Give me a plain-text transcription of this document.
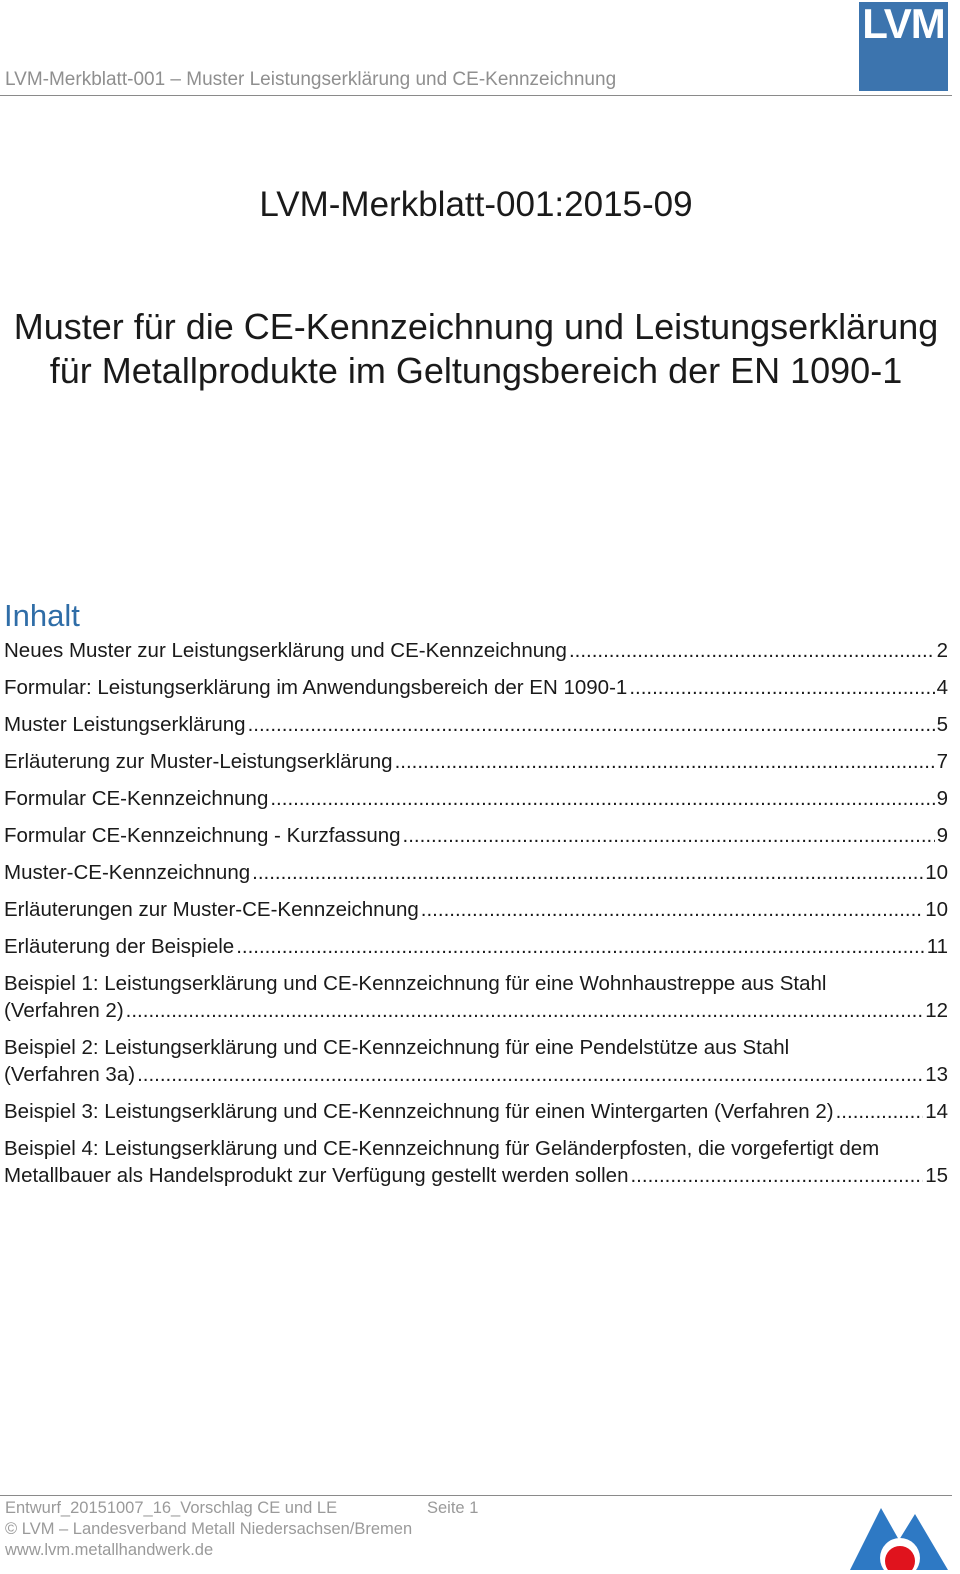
LVM-Merkblatt-001 – Muster Leistungserklärung und CE-Kennzeichnung
LVM
LVM-Merkblatt-001:2015-09
Muster für die CE-Kennzeichnung und Leistungserklärung
für Metallprodukte im Geltungsbereich der EN 1090-1
Inhalt
Neues Muster zur Leistungserklärung und CE-Kennzeichnung .....	2
Formular: Leistungserklärung im Anwendungsbereich der EN 1090-1 .....	4
Muster Leistungserklärung .....	5
Erläuterung zur Muster-Leistungserklärung .....	7
Formular CE-Kennzeichnung .....	9
Formular CE-Kennzeichnung - Kurzfassung .....	9
Muster-CE-Kennzeichnung .....	10
Erläuterungen zur Muster-CE-Kennzeichnung .....	10
Erläuterung der Beispiele .....	11
Beispiel 1: Leistungserklärung und CE-Kennzeichnung für eine Wohnhaustreppe aus Stahl
(Verfahren 2) .....	12
Beispiel 2: Leistungserklärung und CE-Kennzeichnung für eine Pendelstütze aus Stahl
(Verfahren 3a) .....	13
Beispiel 3: Leistungserklärung und CE-Kennzeichnung für einen Wintergarten (Verfahren 2) .....	14
Beispiel 4: Leistungserklärung und CE-Kennzeichnung für Geländerpfosten, die vorgefertigt dem
Metallbauer als Handelsprodukt zur Verfügung gestellt werden sollen .....	15
Entwurf_20151007_16_Vorschlag CE und LE	Seite 1
© LVM – Landesverband Metall Niedersachsen/Bremen
www.lvm.metallhandwerk.de
